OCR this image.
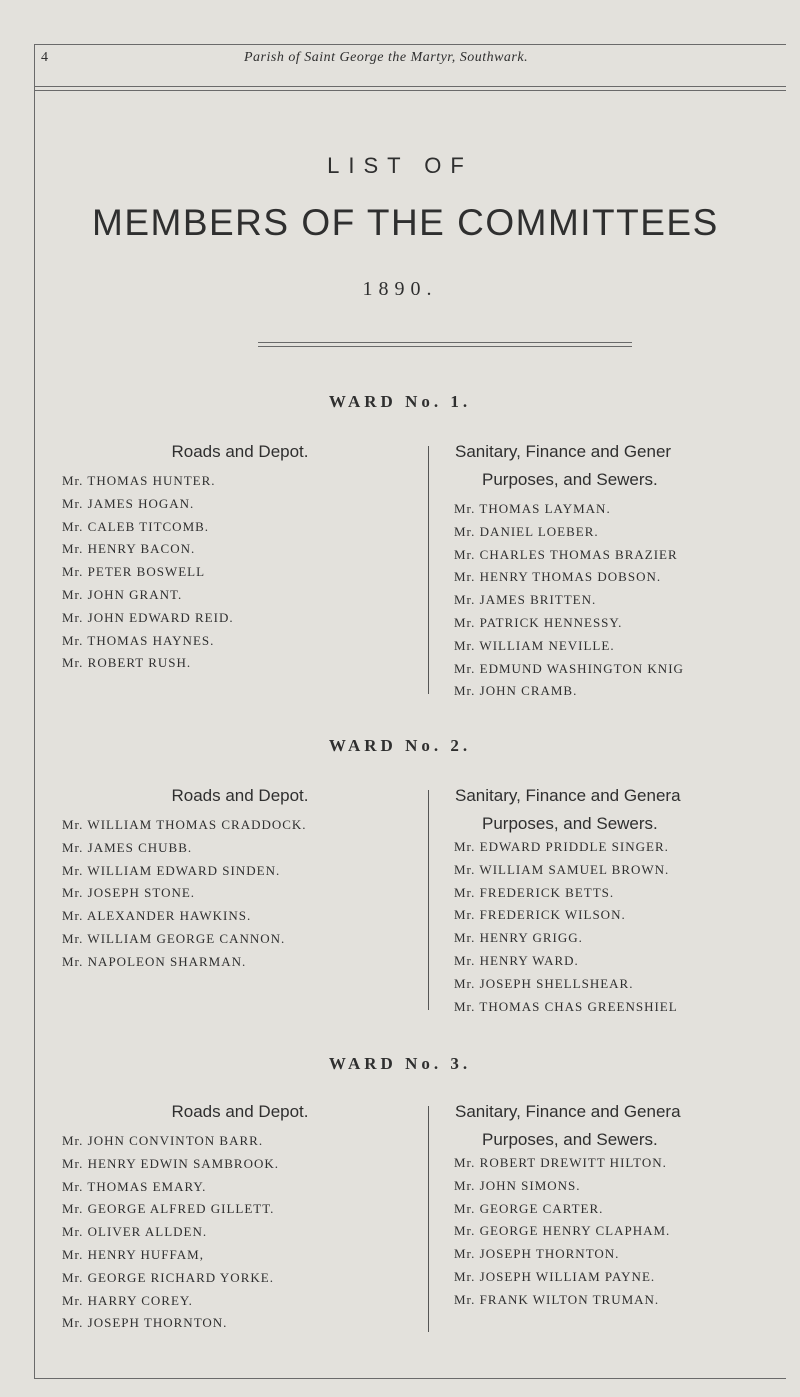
4	Parish of Saint George the Martyr, Southwark.
LIST OF
MEMBERS OF THE COMMITTEES
1890.
WARD No. 1.
Roads and Depot.	Sanitary, Finance and Gener
Purposes, and Sewers.
Mr. THOMAS HUNTER.
Mr. JAMES HOGAN.
Mr. CALEB TITCOMB.
Mr. HENRY BACON.
Mr. PETER BOSWELL
Mr. JOHN GRANT.
Mr. JOHN EDWARD REID.
Mr. THOMAS HAYNES.
Mr. ROBERT RUSH.
Mr. THOMAS LAYMAN.
Mr. DANIEL LOEBER.
Mr. CHARLES THOMAS BRAZIER
Mr. HENRY THOMAS DOBSON.
Mr. JAMES BRITTEN.
Mr. PATRICK HENNESSY.
Mr. WILLIAM NEVILLE.
Mr. EDMUND WASHINGTON KNIG
Mr. JOHN CRAMB.
WARD No. 2.
Roads and Depot.	Sanitary, Finance and Genera
Purposes, and Sewers.
Mr. WILLIAM THOMAS CRADDOCK.
Mr. JAMES CHUBB.
Mr. WILLIAM EDWARD SINDEN.
Mr. JOSEPH STONE.
Mr. ALEXANDER HAWKINS.
Mr. WILLIAM GEORGE CANNON.
Mr. NAPOLEON SHARMAN.
Mr. EDWARD PRIDDLE SINGER.
Mr. WILLIAM SAMUEL BROWN.
Mr. FREDERICK BETTS.
Mr. FREDERICK WILSON.
Mr. HENRY GRIGG.
Mr. HENRY WARD.
Mr. JOSEPH SHELLSHEAR.
Mr. THOMAS CHAS GREENSHIEL
WARD No. 3.
Roads and Depot.	Sanitary, Finance and Genera
Purposes, and Sewers.
Mr. JOHN CONVINTON BARR.
Mr. HENRY EDWIN SAMBROOK.
Mr. THOMAS EMARY.
Mr. GEORGE ALFRED GILLETT.
Mr. OLIVER ALLDEN.
Mr. HENRY HUFFAM,
Mr. GEORGE RICHARD YORKE.
Mr. HARRY COREY.
Mr. JOSEPH THORNTON.
Mr. ROBERT DREWITT HILTON.
Mr. JOHN SIMONS.
Mr. GEORGE CARTER.
Mr. GEORGE HENRY CLAPHAM.
Mr. JOSEPH THORNTON.
Mr. JOSEPH WILLIAM PAYNE.
Mr. FRANK WILTON TRUMAN.
